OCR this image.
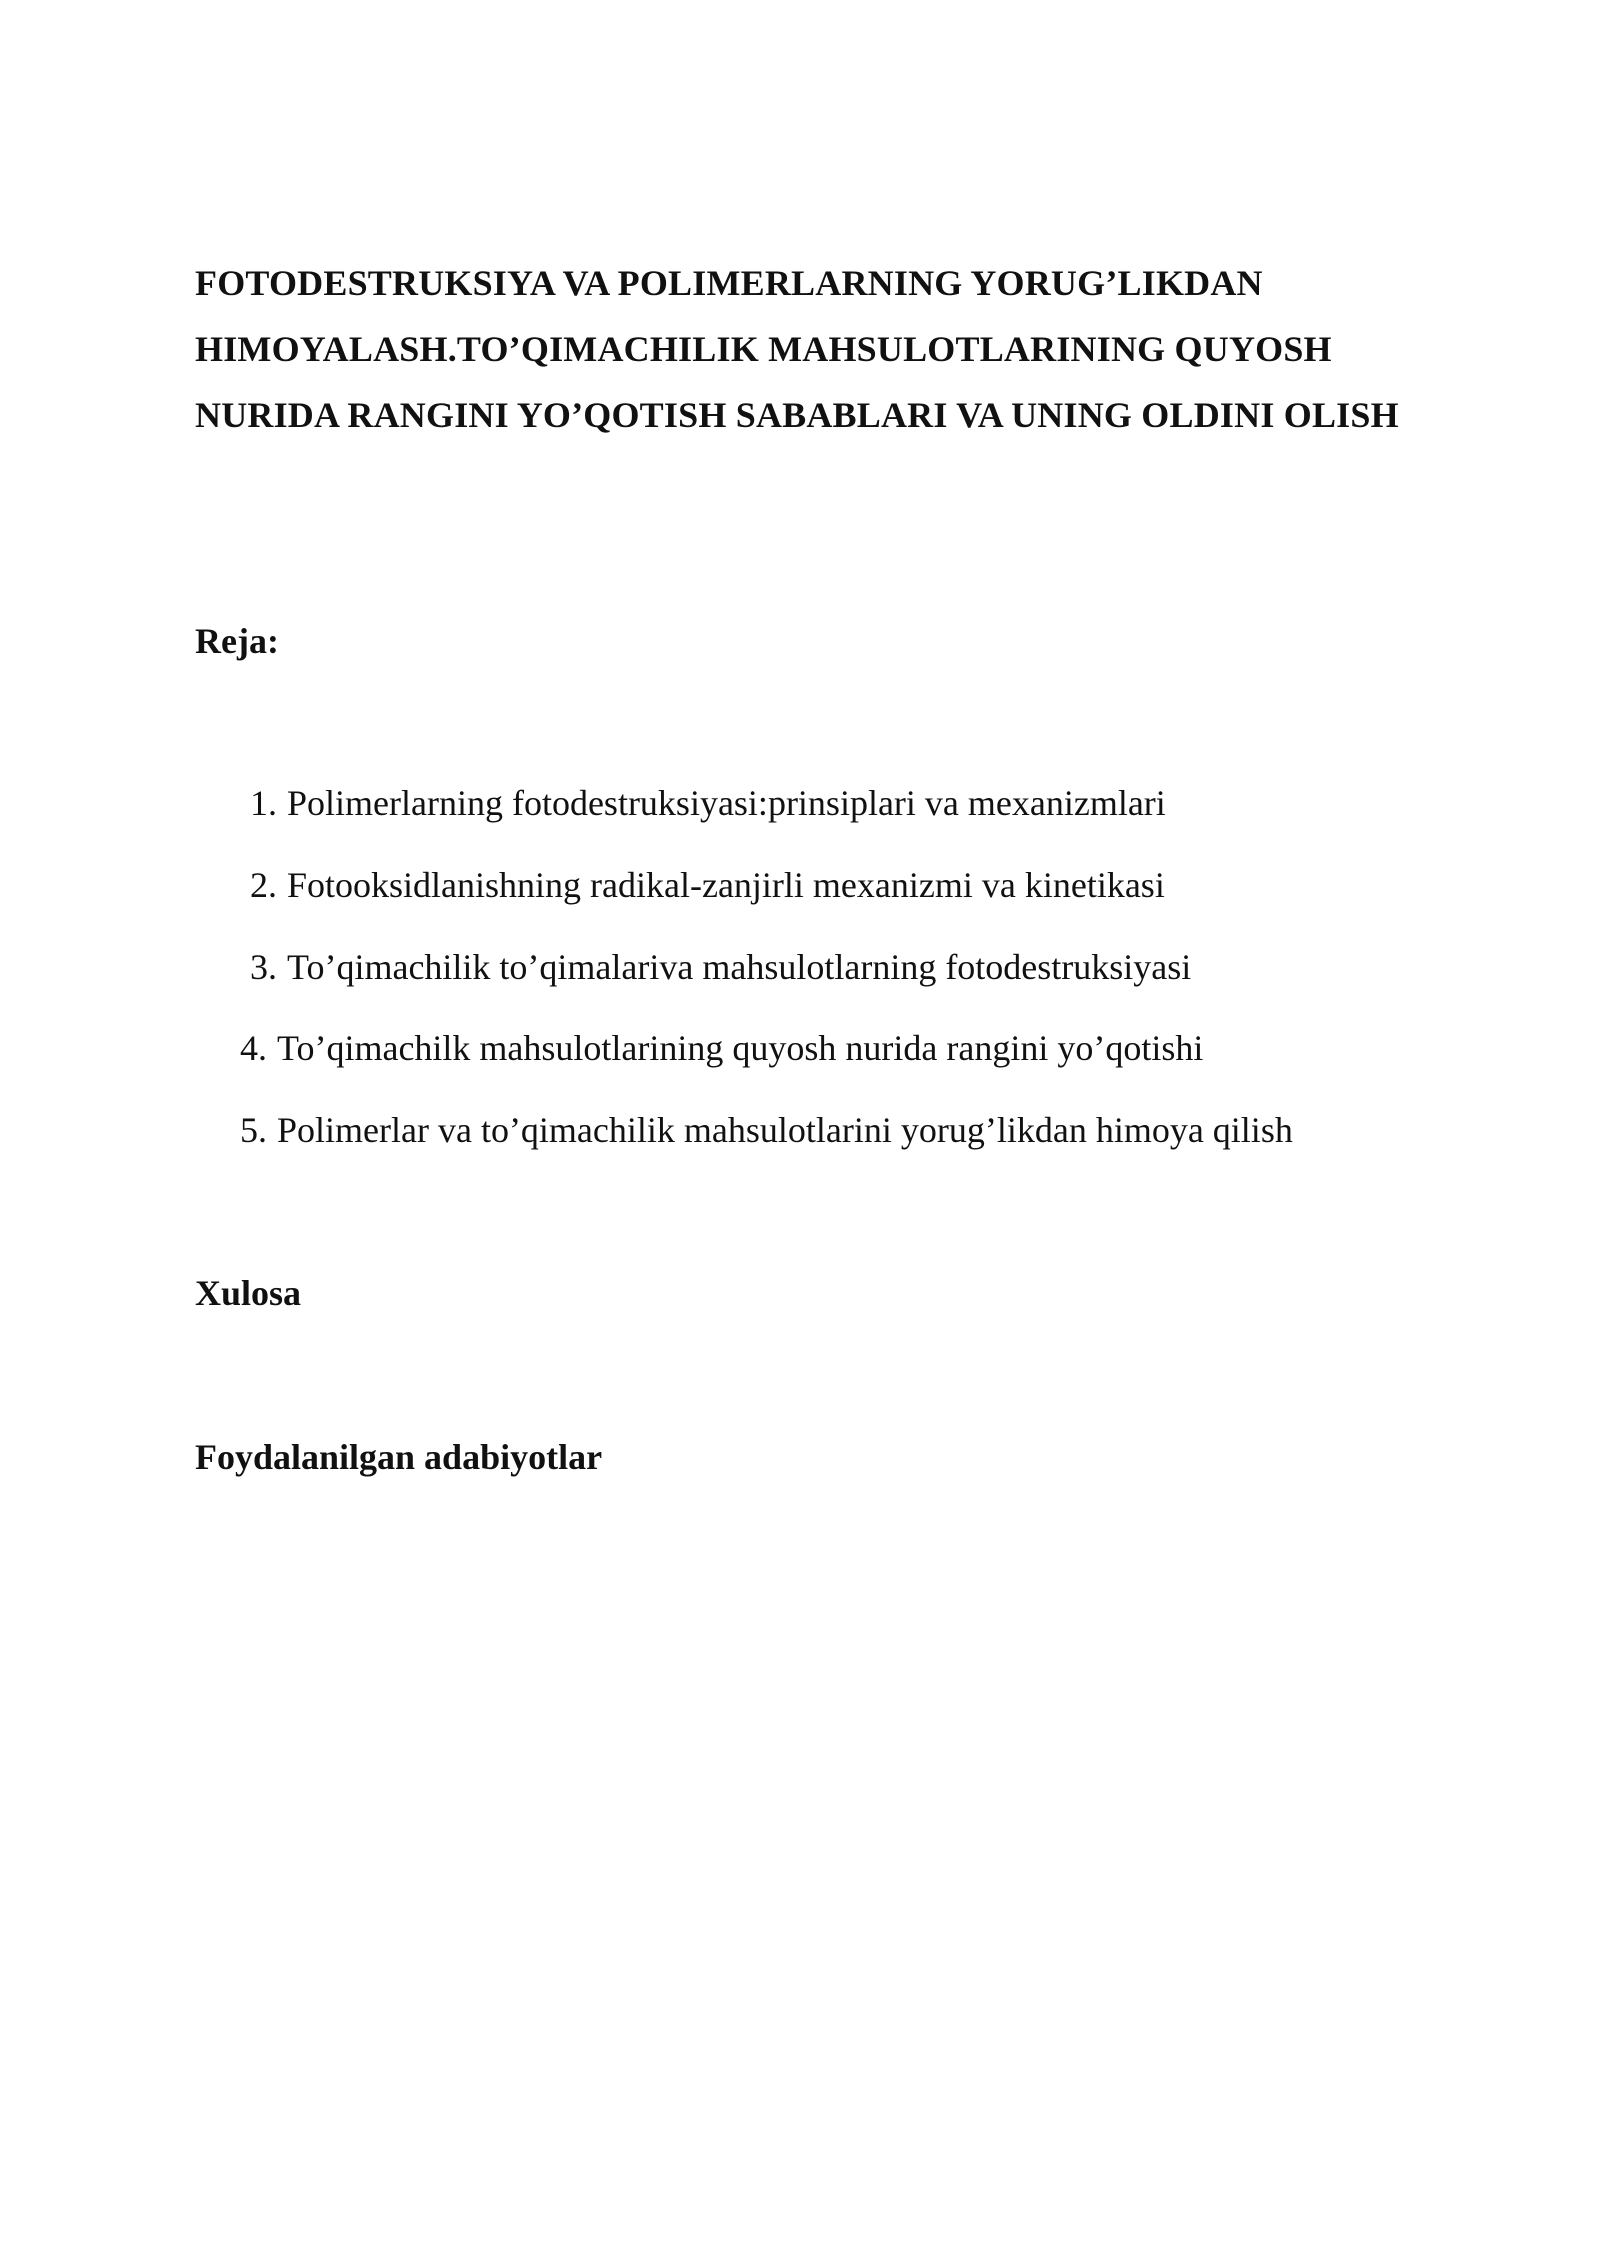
FOTODESTRUKSIYA VA POLIMERLARNING YORUG’LIKDAN HIMOYALASH.TO’QIMACHILIK MAHSULOTLARINING QUYOSH NURIDA RANGINI YO’QOTISH SABABLARI VA UNING OLDINI OLISH
Reja:
1. Polimerlarning fotodestruksiyasi:prinsiplari va mexanizmlari
2. Fotooksidlanishning radikal-zanjirli mexanizmi va kinetikasi
3. To’qimachilik to’qimalariva mahsulotlarning fotodestruksiyasi
4. To’qimachilk mahsulotlarining quyosh nurida rangini yo’qotishi
5. Polimerlar va to’qimachilik mahsulotlarini yorug’likdan himoya qilish
Xulosa
Foydalanilgan adabiyotlar
